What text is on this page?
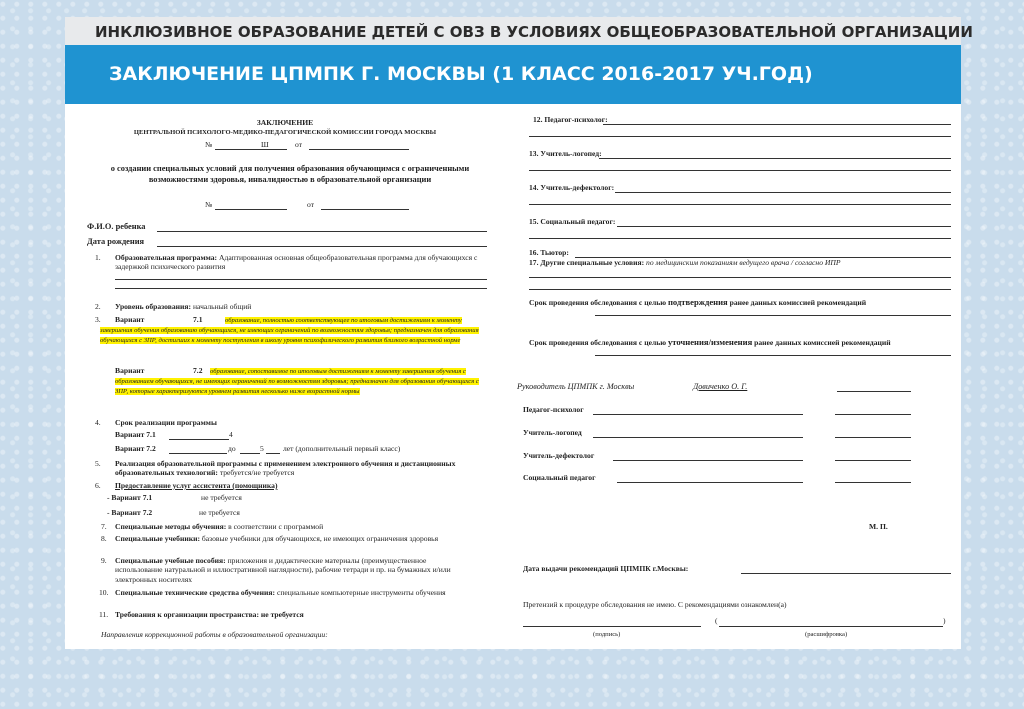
ИНКЛЮЗИВНОЕ ОБРАЗОВАНИЕ ДЕТЕЙ С ОВЗ В УСЛОВИЯХ ОБЩЕОБРАЗОВАТЕЛЬНОЙ ОРГАНИЗАЦИИ
ЗАКЛЮЧЕНИЕ ЦПМПК Г. МОСКВЫ (1 КЛАСС 2016-2017 УЧ.ГОД)
ЗАКЛЮЧЕНИЕ
ЦЕНТРАЛЬНОЙ ПСИХОЛОГО-МЕДИКО-ПЕДАГОГИЧЕСКОЙ КОМИССИИ ГОРОДА МОСКВЫ
№	Ш	от
о создании специальных условий для получения образования обучающимся с ограниченными возможностями здоровья, инвалидностью в образовательной организации
№	от
Ф.И.О. ребенка
Дата рождения
1. Образовательная программа: Адаптированная основная общеобразовательная программа для обучающихся с задержкой психического развития
2. Уровень образования: начальный общий
3. Вариант	7.1	образование, полностью соответствующее по итоговым достижениям к моменту завершения обучения образованию обучающихся, не имеющих ограничений по возможностям здоровья; предназначен для образования обучающихся с ЗПР, достигших к моменту поступления в школу уровня психофизического развития близкого возрастной норме
Вариант	7.2	образование, сопоставимое по итоговым достижениям к моменту завершения обучения с образованием обучающихся, не имеющих ограничений по возможностям здоровья; предназначен для образования обучающихся с ЗПР, которые характеризуются уровнем развития несколько ниже возрастной нормы
4. Срок реализации программы
Вариант 7.1	4
Вариант 7.2	до	5	лет (дополнительный первый класс)
5. Реализация образовательной программы с применением электронного обучения и дистанционных образовательных технологий: требуется/не требуется
6. Предоставление услуг ассистента (помощника)
- Вариант 7.1	не требуется
- Вариант 7.2	не требуется
7. Специальные методы обучения: в соответствии с программой
8. Специальные учебники: базовые учебники для обучающихся, не имеющих ограничения здоровья
9. Специальные учебные пособия: приложения и дидактические материалы (преимущественное использование натуральной и иллюстративной наглядности), рабочие тетради и пр. на бумажных и/или электронных носителях
10. Специальные технические средства обучения: специальные компьютерные инструменты обучения
11. Требования к организации пространства: не требуется
Направления коррекционной работы в образовательной организации:
12. Педагог-психолог:
13. Учитель-логопед:
14. Учитель-дефектолог:
15. Социальный педагог:
16. Тьютор:
17. Другие специальные условия: по медицинским показаниям ведущего врача / согласно ИПР
Срок проведения обследования с целью подтверждения ранее данных комиссией рекомендаций
Срок проведения обследования с целью уточнения/изменения ранее данных комиссией рекомендаций
Руководитель ЦПМПК г. Москвы	Довиченко О. Г.
Педагог-психолог
Учитель-логопед
Учитель-дефектолог
Социальный педагог
М. П.
Дата выдачи рекомендаций ЦПМПК г.Москвы:
Претензий к процедуре обследования не имею. С рекомендациями ознакомлен(а)
(	)
(подпись)	(расшифровка)
